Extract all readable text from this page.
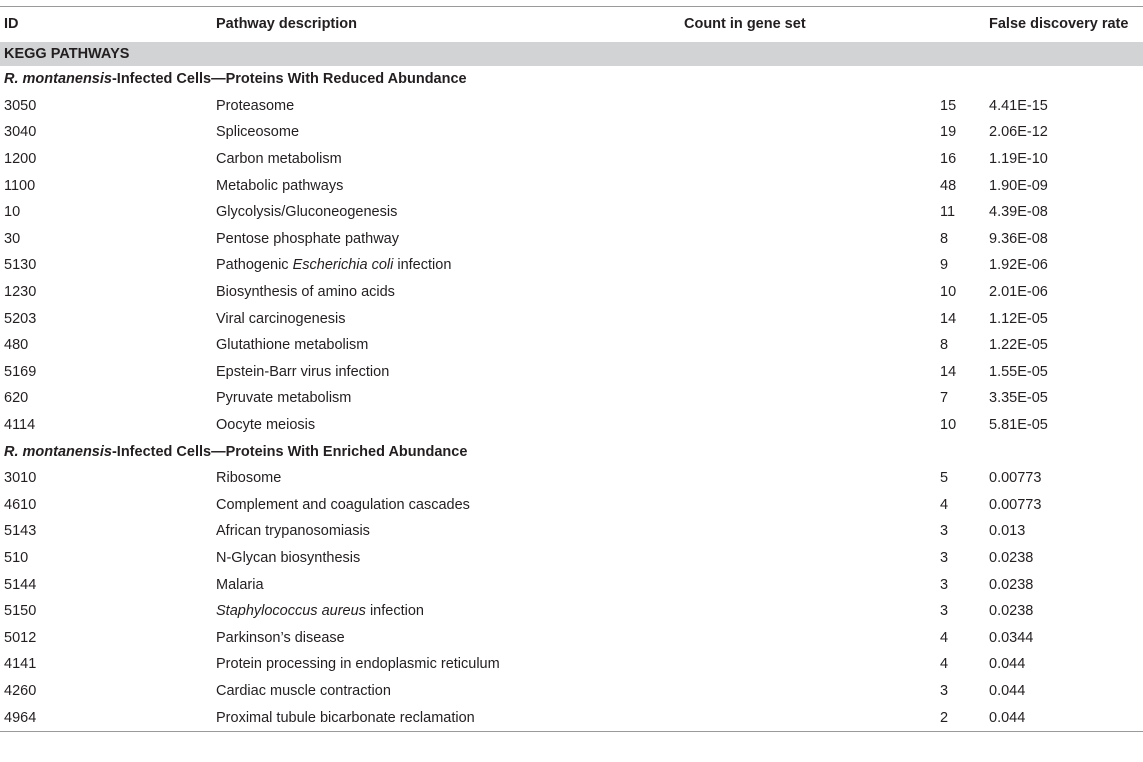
ID	Pathway description	Count in gene set	False discovery rate
KEGG PATHWAYS			
R. montanensis-Infected Cells—Proteins With Reduced Abundance			
3050	Proteasome	15	4.41E-15
3040	Spliceosome	19	2.06E-12
1200	Carbon metabolism	16	1.19E-10
1100	Metabolic pathways	48	1.90E-09
10	Glycolysis/Gluconeogenesis	11	4.39E-08
30	Pentose phosphate pathway	8	9.36E-08
5130	Pathogenic Escherichia coli infection	9	1.92E-06
1230	Biosynthesis of amino acids	10	2.01E-06
5203	Viral carcinogenesis	14	1.12E-05
480	Glutathione metabolism	8	1.22E-05
5169	Epstein-Barr virus infection	14	1.55E-05
620	Pyruvate metabolism	7	3.35E-05
4114	Oocyte meiosis	10	5.81E-05
R. montanensis-Infected Cells—Proteins With Enriched Abundance			
3010	Ribosome	5	0.00773
4610	Complement and coagulation cascades	4	0.00773
5143	African trypanosomiasis	3	0.013
510	N-Glycan biosynthesis	3	0.0238
5144	Malaria	3	0.0238
5150	Staphylococcus aureus infection	3	0.0238
5012	Parkinson’s disease	4	0.0344
4141	Protein processing in endoplasmic reticulum	4	0.044
4260	Cardiac muscle contraction	3	0.044
4964	Proximal tubule bicarbonate reclamation	2	0.044
